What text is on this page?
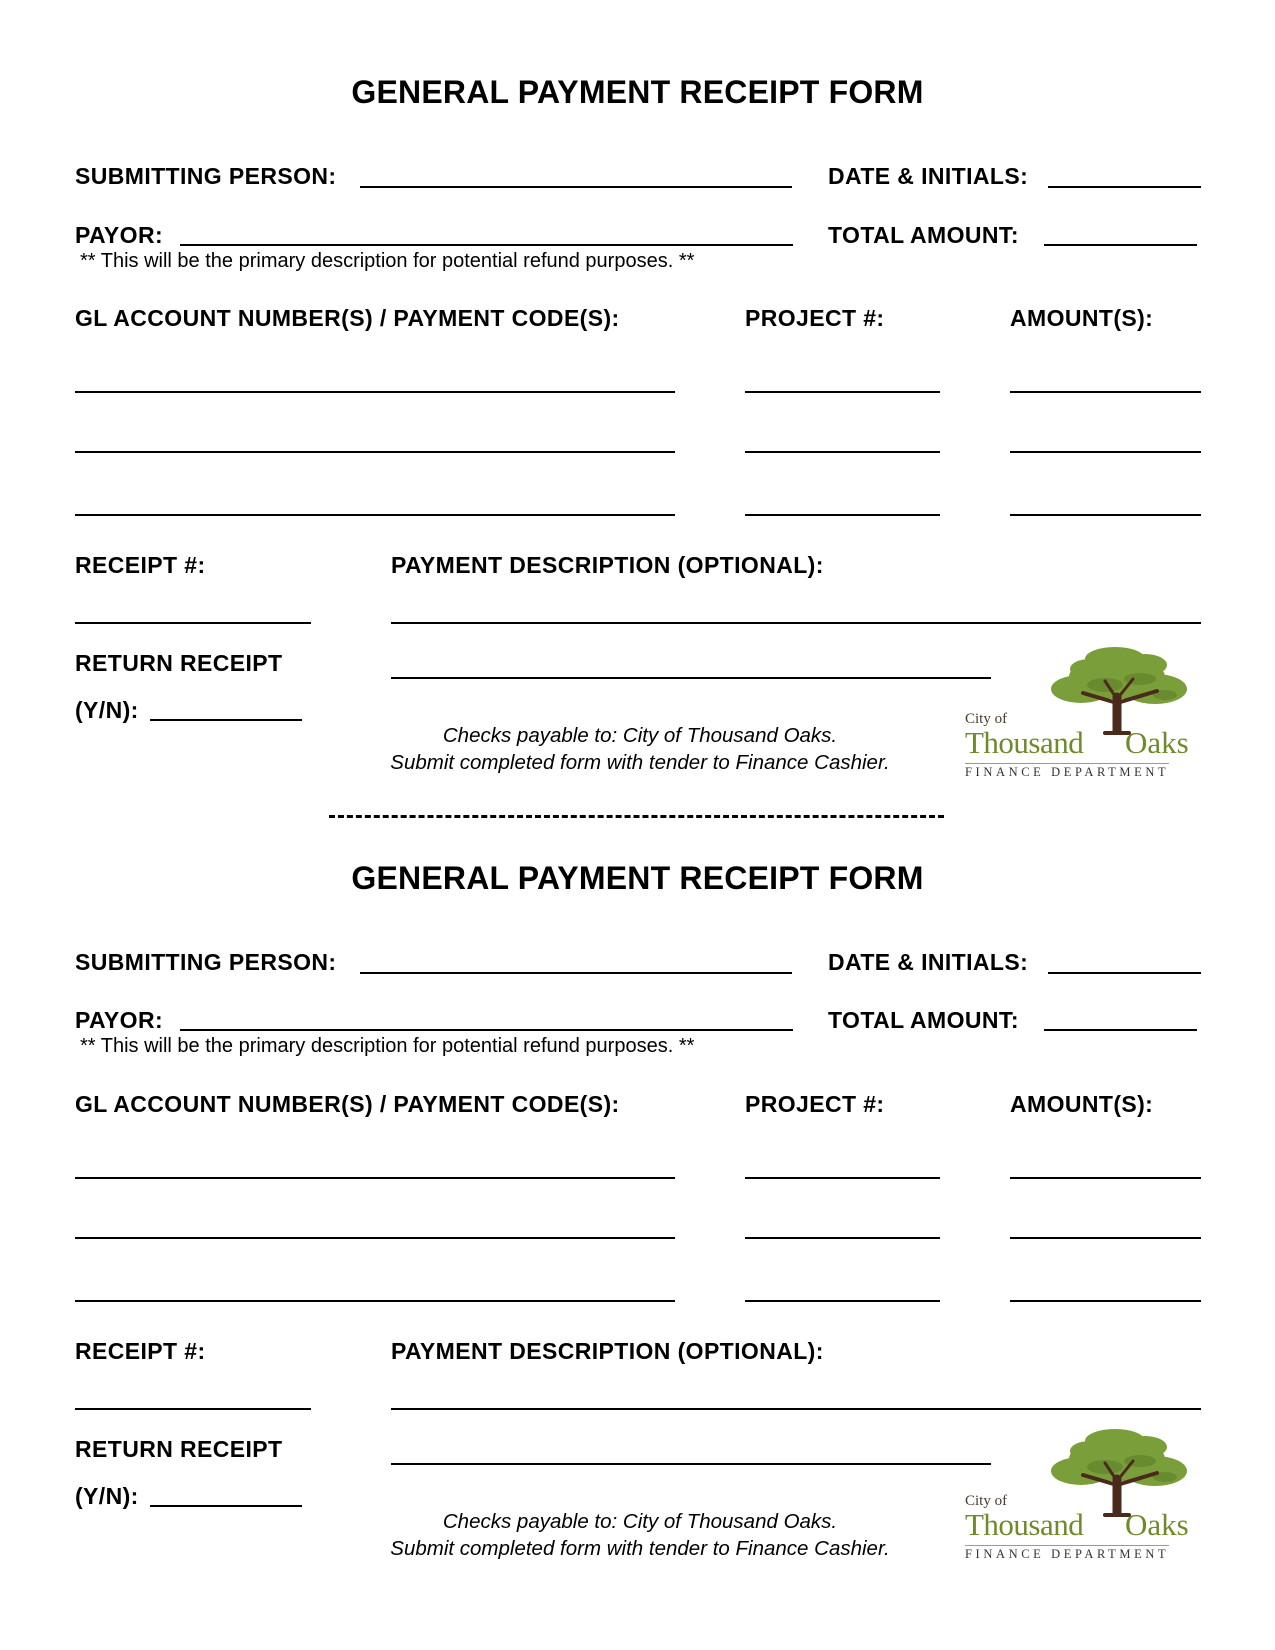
GENERAL PAYMENT RECEIPT FORM
SUBMITTING PERSON:	DATE & INITIALS:
PAYOR:	TOTAL AMOUNT:
** This will be the primary description for potential refund purposes. **
GL ACCOUNT NUMBER(S) / PAYMENT CODE(S):	PROJECT #:	AMOUNT(S):
RECEIPT #:	PAYMENT DESCRIPTION (OPTIONAL):
RETURN RECEIPT
(Y/N):
Checks payable to: City of Thousand Oaks.
Submit completed form with tender to Finance Cashier.
City of
Thousand Oaks
FINANCE DEPARTMENT
GENERAL PAYMENT RECEIPT FORM
SUBMITTING PERSON:	DATE & INITIALS:
PAYOR:	TOTAL AMOUNT:
** This will be the primary description for potential refund purposes. **
GL ACCOUNT NUMBER(S) / PAYMENT CODE(S):	PROJECT #:	AMOUNT(S):
RECEIPT #:	PAYMENT DESCRIPTION (OPTIONAL):
RETURN RECEIPT
(Y/N):
Checks payable to: City of Thousand Oaks.
Submit completed form with tender to Finance Cashier.
City of
Thousand Oaks
FINANCE DEPARTMENT
